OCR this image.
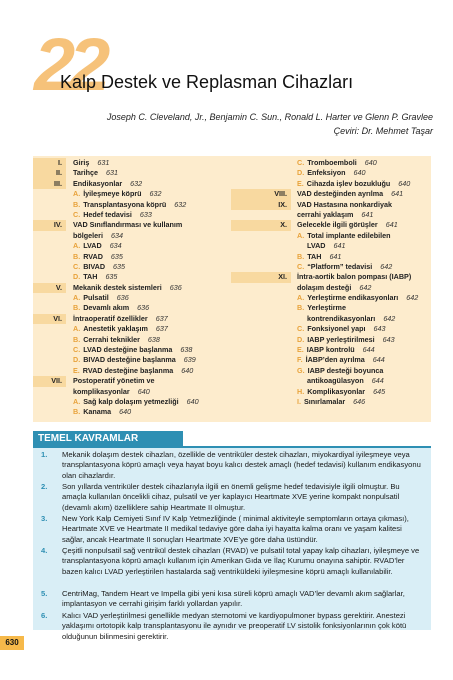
22
Kalp Destek ve Replasman Cihazları
Joseph C. Cleveland, Jr., Benjamin C. Sun., Ronald L. Harter ve Glenn P. Gravlee
Çeviri: Dr. Mehmet Taşar
I.	Giriş 631
II.	Tarihçe 631
III.	Endikasyonlar 632
A. İyileşmeye köprü 632
B. Transplantasyona köprü 632
C. Hedef tedavisi 633
IV.	VAD Sınıflandırması ve kullanım
bölgeleri 634
A. LVAD 634
B. RVAD 635
C. BIVAD 635
D. TAH 635
V.	Mekanik destek sistemleri 636
A. Pulsatil 636
B. Devamlı akım 636
VI.	İntraoperatif özellikler 637
A. Anestetik yaklaşım 637
B. Cerrahi teknikler 638
C. LVAD desteğine başlanma 638
D. BIVAD desteğine başlanma 639
E. RVAD desteğine başlanma 640
VII.	Postoperatif yönetim ve
komplikasyonlar 640
A. Sağ kalp dolaşım yetmezliği 640
B. Kanama 640
C. Tromboemboli 640
D. Enfeksiyon 640
E. Cihazda işlev bozukluğu 640
VIII.	VAD desteğinden ayrılma 641
IX.	VAD Hastasına nonkardiyak
cerrahi yaklaşım 641
X.	Gelecekle ilgili görüşler 641
A. Total implante edilebilen
LVAD 641
B. TAH 641
C. “Platform” tedavisi 642
XI.	İntra-aortik balon pompası (IABP)
dolaşım desteği 642
A. Yerleştirme endikasyonları 642
B. Yerleştirme
kontrendikasyonları 642
C. Fonksiyonel yapı 643
D. IABP yerleştirilmesi 643
E. IABP kontrolü 644
F. İABP’den ayrılma 644
G. IABP desteği boyunca
antikoagülasyon 644
H. Komplikasyonlar 645
I. Sınırlamalar 646
TEMEL KAVRAMLAR
1. Mekanik dolaşım destek cihazları, özellikle de ventriküler destek cihazları, miyokardiyal iyileşmeye veya transplantasyona köprü amaçlı veya hayat boyu kalıcı destek amaçlı (hedef tedavisi) kullanım endikasyonu olan cihazlardır.
2. Son yıllarda ventriküler destek cihazlarıyla ilgili en önemli gelişme hedef tedavisiyle ilgili olmuştur. Bu amaçla kullanılan öncelikli cihaz, pulsatil ve yer kaplayıcı Heartmate XVE yerine kompakt nonpulsatil (devamlı akım) özelliklere sahip Heartmate II olmuştur.
3. New York Kalp Cemiyeti Sınıf IV Kalp Yetmezliğinde ( minimal aktiviteyle semptomların ortaya çıkması), Heartmate XVE ve Heartmate II medikal tedaviye göre daha iyi hayatta kalma oranı ve yaşam kalitesi sağlar, ancak Heartmate II sonuçları Heartmate XVE’ye göre daha üstündür.
4. Çeşitli nonpulsatil sağ ventrikül destek cihazları (RVAD) ve pulsatil total yapay kalp cihazları, iyileşmeye ve transplantasyona köprü amaçlı kullanım için Amerikan Gıda ve İlaç Kurumu onayına sahiptir. RVAD’ler bazen kalıcı LVAD yerleştirilen hastalarda sağ ventriküldeki iyileşmesine köprü amaçlı kullanılabilir.
5. CentriMag, Tandem Heart ve Impella gibi yeni kısa süreli köprü amaçlı VAD’ler devamlı akım sağlarlar, implantasyon ve cerrahi girişim farklı yollardan yapılır.
6. Kalıcı VAD yerleştirilmesi genellikle medyan sternotomi ve kardiyopulmoner bypass gerektirir. Anestezi yaklaşımı ortotopik kalp transplantasyonu ile aynıdır ve preoperatif LV sistolik fonksiyonlarının çok kötü olduğunun bilinmesini gerektirir.
630
